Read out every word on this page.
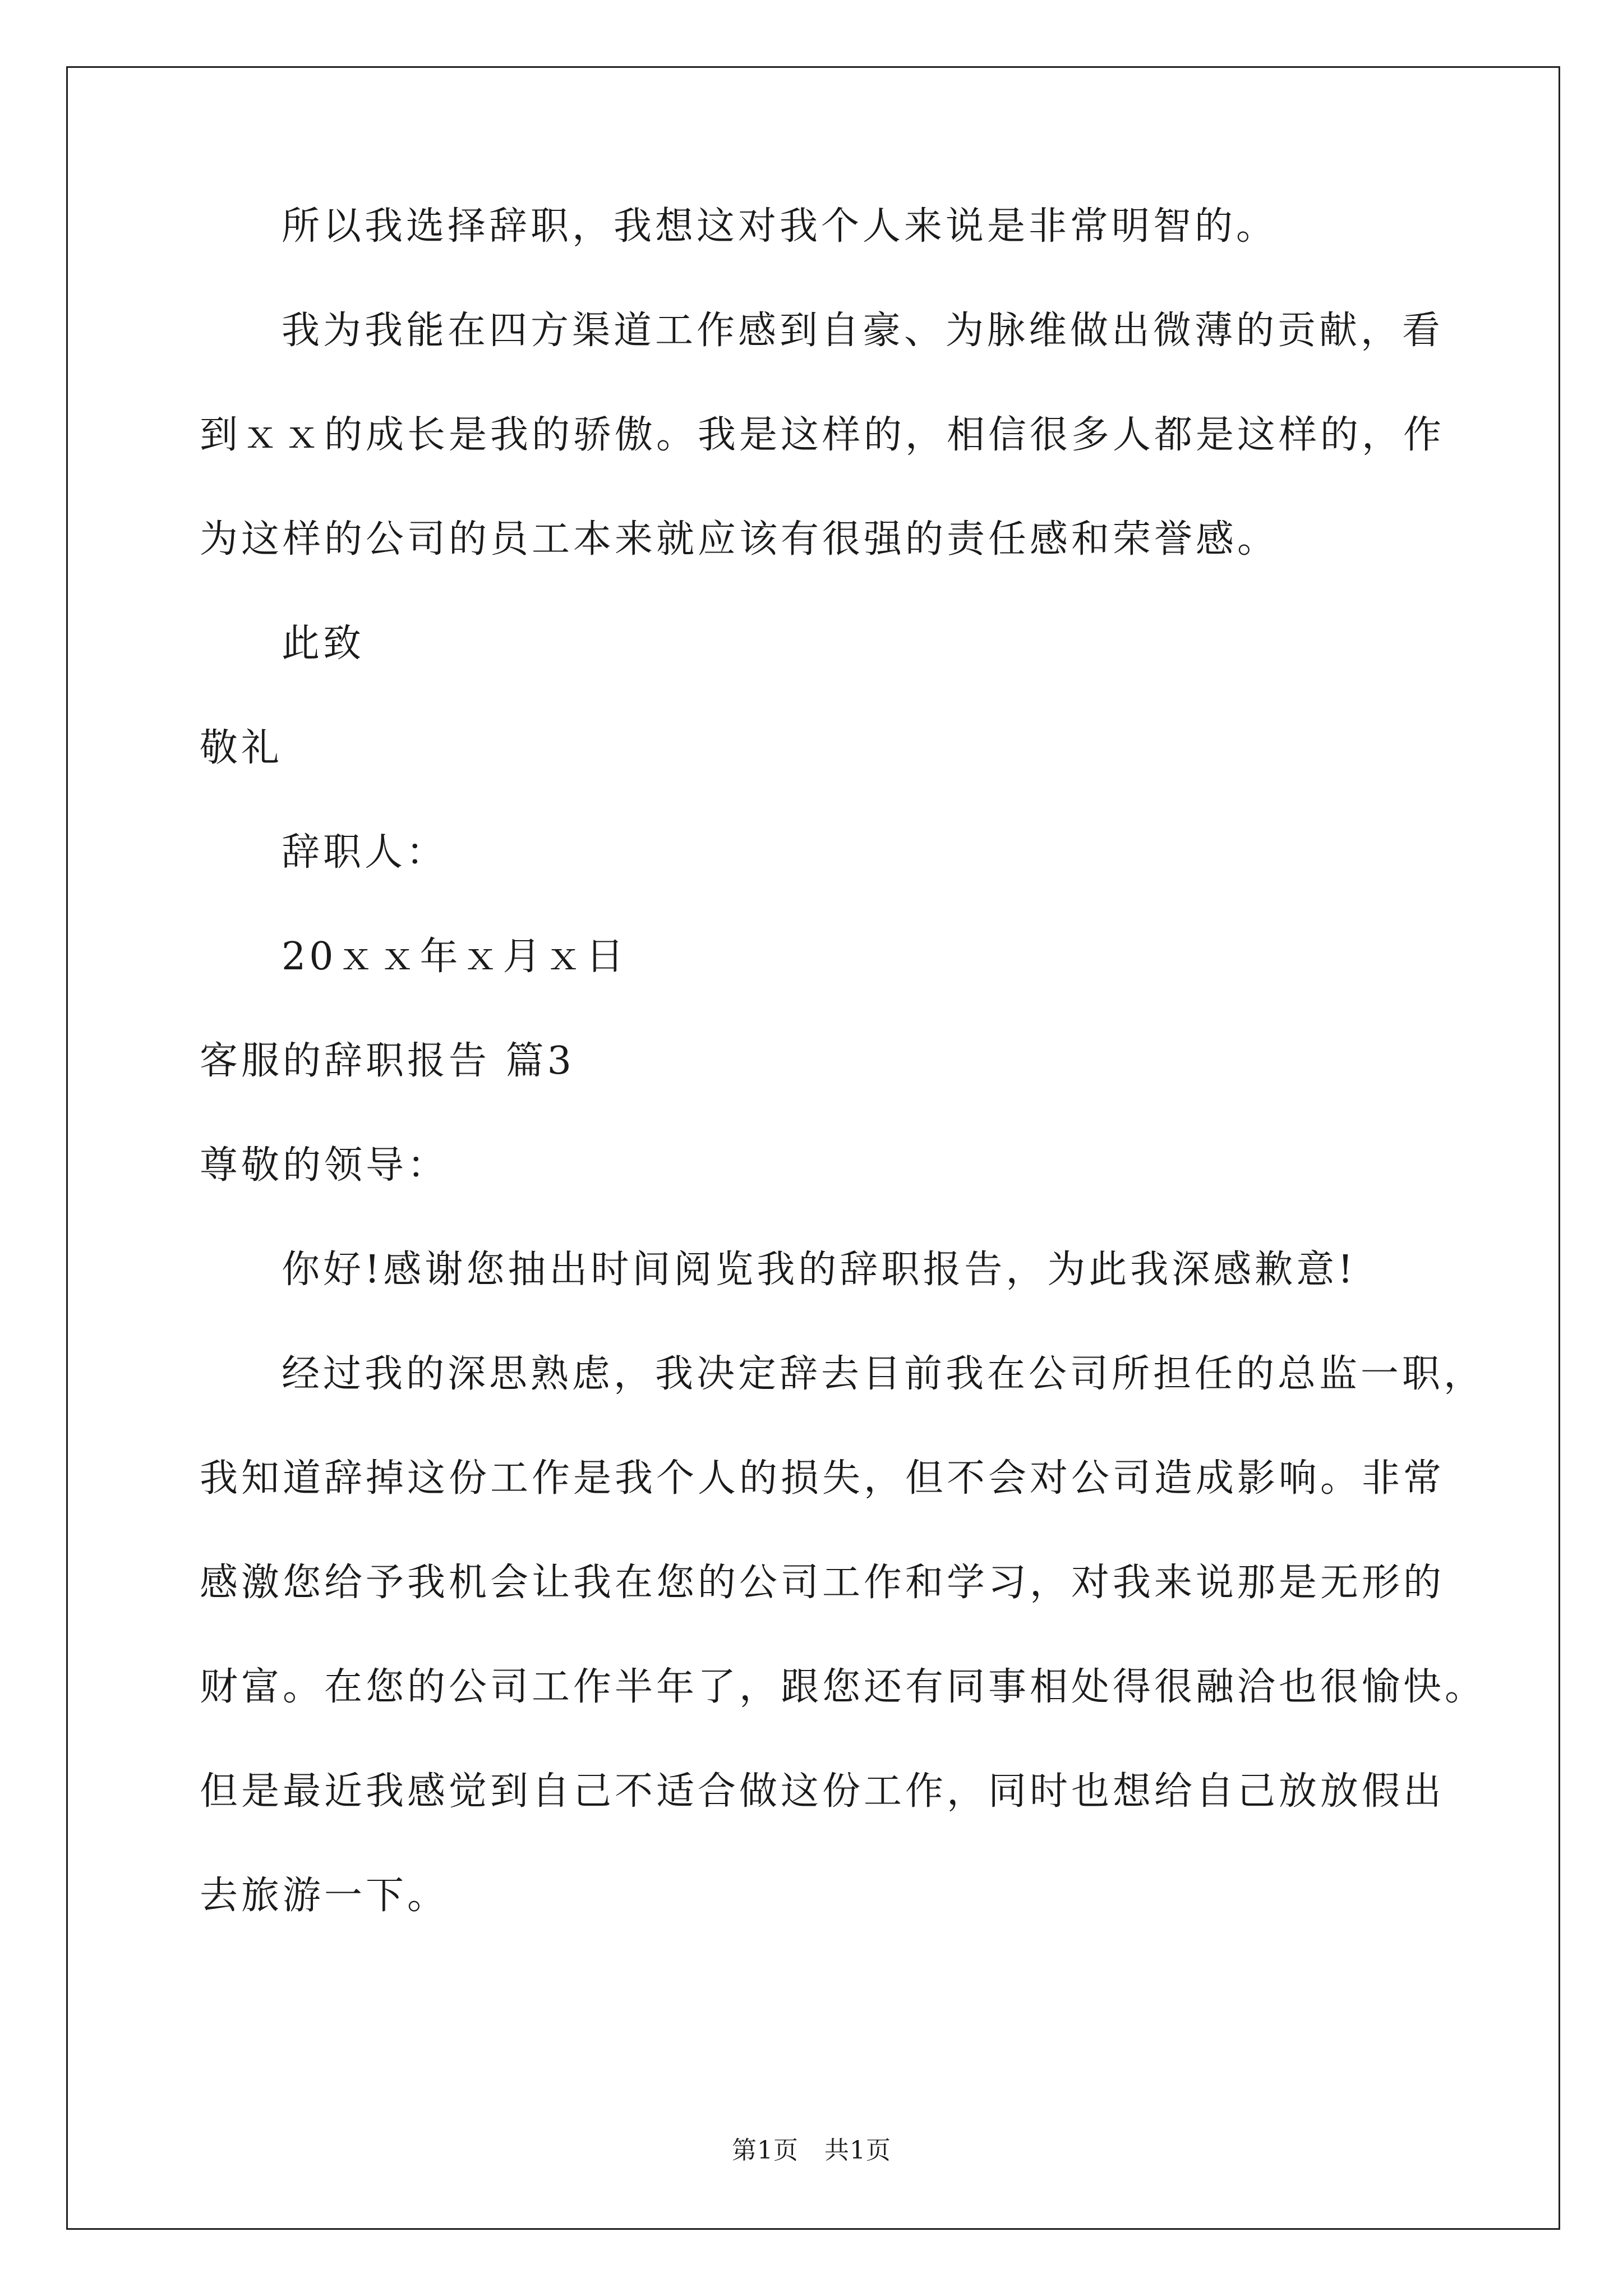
所以我选择辞职，我想这对我个人来说是非常明智的。
我为我能在四方渠道工作感到自豪、为脉维做出微薄的贡献，看
到ｘｘ的成长是我的骄傲。我是这样的，相信很多人都是这样的，作
为这样的公司的员工本来就应该有很强的责任感和荣誉感。
此致
敬礼
辞职人：
20ｘｘ年ｘ月ｘ日
客服的辞职报告 篇3
尊敬的领导：
你好!感谢您抽出时间阅览我的辞职报告，为此我深感歉意!
经过我的深思熟虑，我决定辞去目前我在公司所担任的总监一职，
我知道辞掉这份工作是我个人的损失，但不会对公司造成影响。非常
感激您给予我机会让我在您的公司工作和学习，对我来说那是无形的
财富。在您的公司工作半年了，跟您还有同事相处得很融洽也很愉快。
但是最近我感觉到自己不适合做这份工作，同时也想给自己放放假出
去旅游一下。
第1页 共1页
